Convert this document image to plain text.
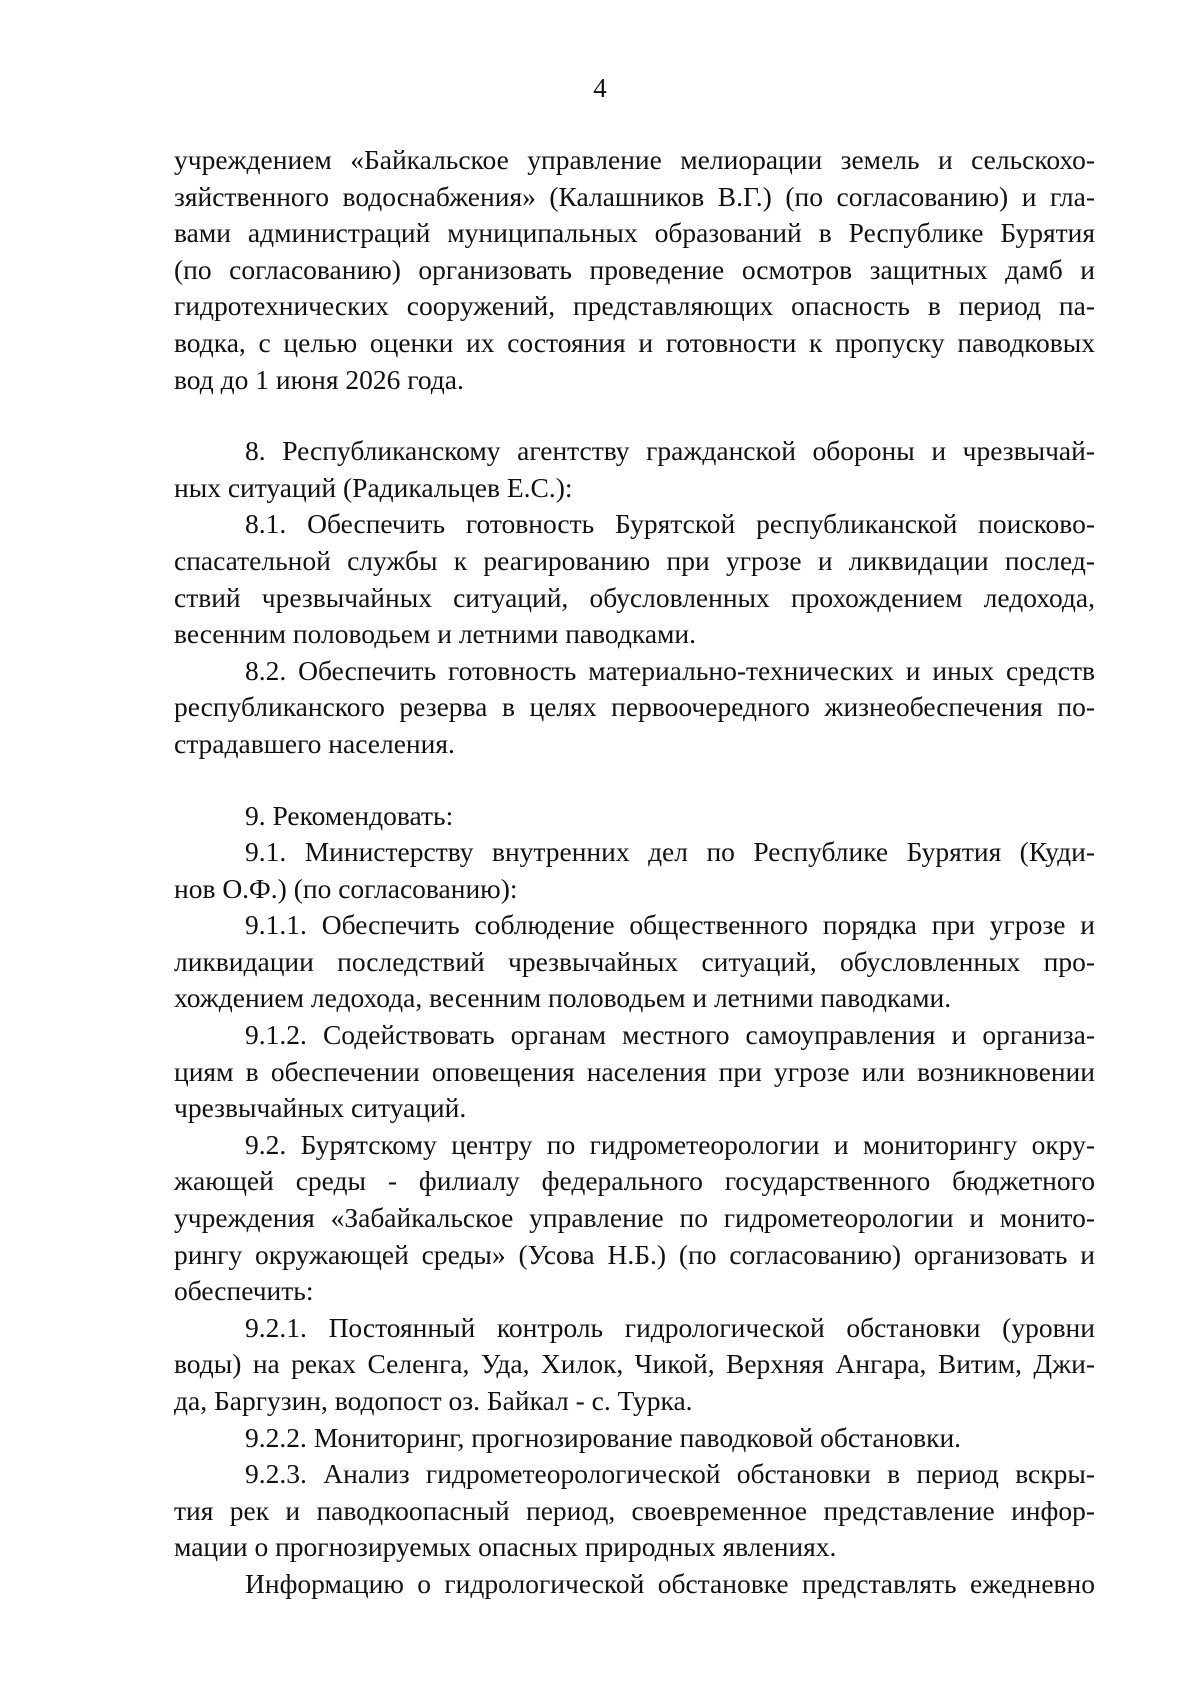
4

учреждением «Байкальское управление мелиорации земель и сельскохо-

зяйственного водоснабжения» (Калашников В.Г.) (по согласованию) и гла-

вами администраций муниципальных образований в Республике Бурятия

(по согласованию) организовать проведение осмотров защитных дамб и

гидротехнических сооружений, представляющих опасность в период па-

водка, с целью оценки их состояния и готовности к пропуску паводковых

вод до 1 июня 2026 года.

8. Республиканскому агентству гражданской обороны и чрезвычай-

ных ситуаций (Радикальцев Е.С.):

8.1. Обеспечить готовность Бурятской республиканской поисково-

спасательной службы к реагированию при угрозе и ликвидации послед-

ствий чрезвычайных ситуаций, обусловленных прохождением ледохода,

весенним половодьем и летними паводками.

8.2. Обеспечить готовность материально-технических и иных средств

республиканского резерва в целях первоочередного жизнеобеспечения по-

страдавшего населения.

9. Рекомендовать:

9.1. Министерству внутренних дел по Республике Бурятия (Куди-

нов О.Ф.) (по согласованию):

9.1.1. Обеспечить соблюдение общественного порядка при угрозе и

ликвидации последствий чрезвычайных ситуаций, обусловленных про-

хождением ледохода, весенним половодьем и летними паводками.

9.1.2. Содействовать органам местного самоуправления и организа-

циям в обеспечении оповещения населения при угрозе или возникновении

чрезвычайных ситуаций.

9.2. Бурятскому центру по гидрометеорологии и мониторингу окру-

жающей среды - филиалу федерального государственного бюджетного

учреждения «Забайкальское управление по гидрометеорологии и монито-

рингу окружающей среды» (Усова Н.Б.) (по согласованию) организовать и

обеспечить:

9.2.1. Постоянный контроль гидрологической обстановки (уровни

воды) на реках Селенга, Уда, Хилок, Чикой, Верхняя Ангара, Витим, Джи-

да, Баргузин, водопост оз. Байкал - с. Турка.

9.2.2. Мониторинг, прогнозирование паводковой обстановки.

9.2.3. Анализ гидрометеорологической обстановки в период вскры-

тия рек и паводкоопасный период, своевременное представление инфор-

мации о прогнозируемых опасных природных явлениях.

Информацию о гидрологической обстановке представлять ежедневно
